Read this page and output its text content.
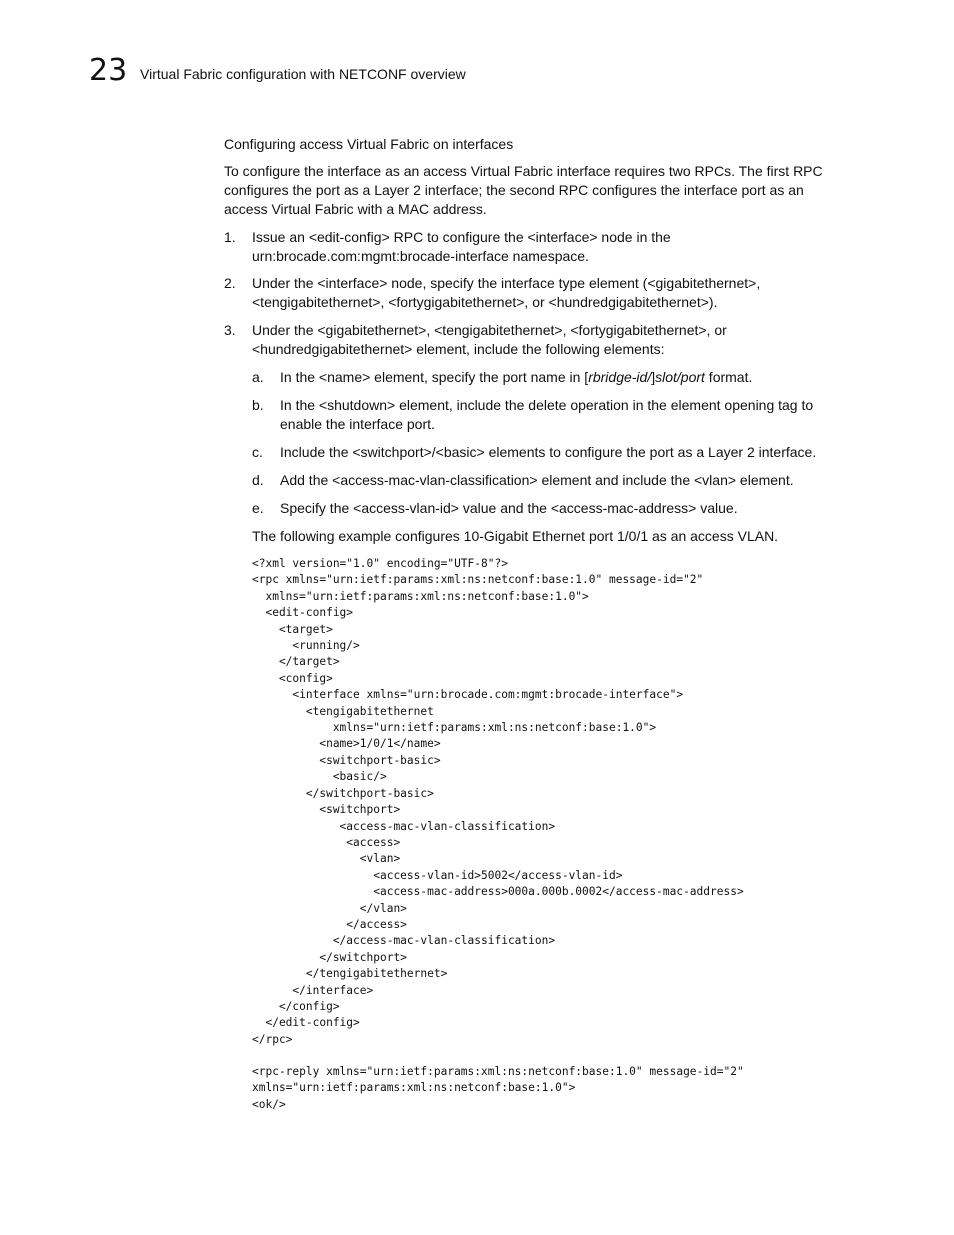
23 Virtual Fabric configuration with NETCONF overview
Configuring access Virtual Fabric on interfaces
To configure the interface as an access Virtual Fabric interface requires two RPCs. The first RPC
configures the port as a Layer 2 interface; the second RPC configures the interface port as an
access Virtual Fabric with a MAC address.
1. Issue an <edit-config> RPC to configure the <interface> node in the
urn:brocade.com:mgmt:brocade-interface namespace.
2. Under the <interface> node, specify the interface type element (<gigabitethernet>,
<tengigabitethernet>, <fortygigabitethernet>, or <hundredgigabitethernet>).
3. Under the <gigabitethernet>, <tengigabitethernet>, <fortygigabitethernet>, or
<hundredgigabitethernet> element, include the following elements:
a. In the <name> element, specify the port name in [rbridge-id/]slot/port format.
b. In the <shutdown> element, include the delete operation in the element opening tag to
enable the interface port.
c. Include the <switchport>/<basic> elements to configure the port as a Layer 2 interface.
d. Add the <access-mac-vlan-classification> element and include the <vlan> element.
e. Specify the <access-vlan-id> value and the <access-mac-address> value.
The following example configures 10-Gigabit Ethernet port 1/0/1 as an access VLAN.
<?xml version="1.0" encoding="UTF-8"?>
<rpc xmlns="urn:ietf:params:xml:ns:netconf:base:1.0" message-id="2"
xmlns="urn:ietf:params:xml:ns:netconf:base:1.0">
<edit-config>
<target>
<running/>
</target>
<config>
<interface xmlns="urn:brocade.com:mgmt:brocade-interface">
<tengigabitethernet
xmlns="urn:ietf:params:xml:ns:netconf:base:1.0">
<name>1/0/1</name>
<switchport-basic>
<basic/>
</switchport-basic>
<switchport>
<access-mac-vlan-classification>
<access>
<vlan>
<access-vlan-id>5002</access-vlan-id>
<access-mac-address>000a.000b.0002</access-mac-address>
</vlan>
</access>
</access-mac-vlan-classification>
</switchport>
</tengigabitethernet>
</interface>
</config>
</edit-config>
</rpc>
<rpc-reply xmlns="urn:ietf:params:xml:ns:netconf:base:1.0" message-id="2"
xmlns="urn:ietf:params:xml:ns:netconf:base:1.0">
<ok/>
